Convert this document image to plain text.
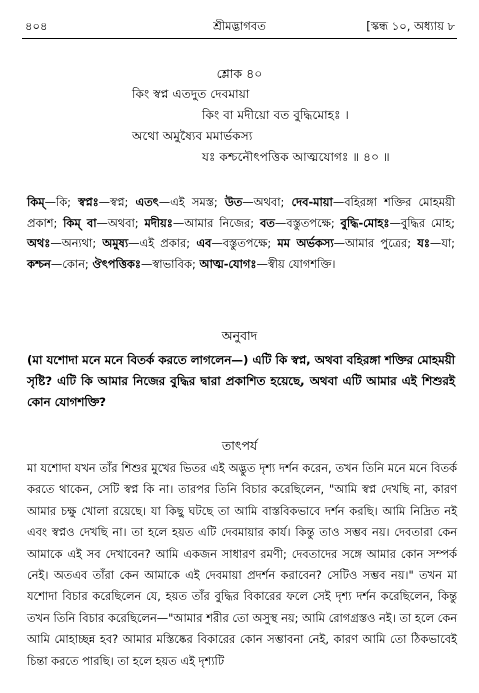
৪০৪	শ্রীমদ্ভাগবত	[স্কন্ধ ১০, অধ্যায় ৮
শ্লোক ৪০
কিং স্বপ্ন এতদুত দেবমায়া
কিং বা মদীয়ো বত বুদ্ধিমোহঃ ।
অথো অমুষ্যৈব মমার্ভকস্য
যঃ কশ্চনৌৎপত্তিক আত্মযোগঃ ॥ ৪০ ॥
কিম্—কি; স্বপ্নঃ—স্বপ্ন; এতৎ—এই সমস্ত; উত—অথবা; দেব-মায়া—বহিরঙ্গা শক্তির মোহময়ী প্রকাশ; কিম্ বা—অথবা; মদীয়ঃ—আমার নিজের; বত—বস্তুতপক্ষে; বুদ্ধি-মোহঃ—বুদ্ধির মোহ; অথঃ—অন্যথা; অমুষ্য—এই প্রকার; এব—বস্তুতপক্ষে; মম অর্ভকস্য—আমার পুত্রের; যঃ—যা; কশ্চন—কোন; ঔৎপত্তিকঃ—স্বাভাবিক; আত্ম-যোগঃ—স্বীয় যোগশক্তি।
অনুবাদ
(মা যশোদা মনে মনে বিতর্ক করতে লাগলেন—) এটি কি স্বপ্ন, অথবা বহিরঙ্গা শক্তির মোহময়ী সৃষ্টি? এটি কি আমার নিজের বুদ্ধির দ্বারা প্রকাশিত হয়েছে, অথবা এটি আমার এই শিশুরই কোন যোগশক্তি?
তাৎপর্য
মা যশোদা যখন তাঁর শিশুর মুখের ভিতর এই অদ্ভুত দৃশ্য দর্শন করেন, তখন তিনি মনে মনে বিতর্ক করতে থাকেন, সেটি স্বপ্ন কি না। তারপর তিনি বিচার করেছিলেন, "আমি স্বপ্ন দেখছি না, কারণ আমার চক্ষু খোলা রয়েছে। যা কিছু ঘটছে তা আমি বাস্তবিকভাবে দর্শন করছি। আমি নিদ্রিত নই এবং স্বপ্নও দেখছি না। তা হলে হয়ত এটি দেবমায়ার কার্য। কিন্তু তাও সম্ভব নয়। দেবতারা কেন আমাকে এই সব দেখাবেন? আমি একজন সাধারণ রমণী; দেবতাদের সঙ্গে আমার কোন সম্পর্ক নেই। অতএব তাঁরা কেন আমাকে এই দেবমায়া প্রদর্শন করাবেন? সেটিও সম্ভব নয়।" তখন মা যশোদা বিচার করেছিলেন যে, হয়ত তাঁর বুদ্ধির বিকারের ফলে সেই দৃশ্য দর্শন করেছিলেন, কিন্তু তখন তিনি বিচার করেছিলেন—"আমার শরীর তো অসুস্থ নয়; আমি রোগগ্রস্তও নই। তা হলে কেন আমি মোহাচ্ছন্ন হব? আমার মস্তিষ্কের বিকারের কোন সম্ভাবনা নেই, কারণ আমি তো ঠিকভাবেই চিন্তা করতে পারছি। তা হলে হয়ত এই দৃশ্যটি
